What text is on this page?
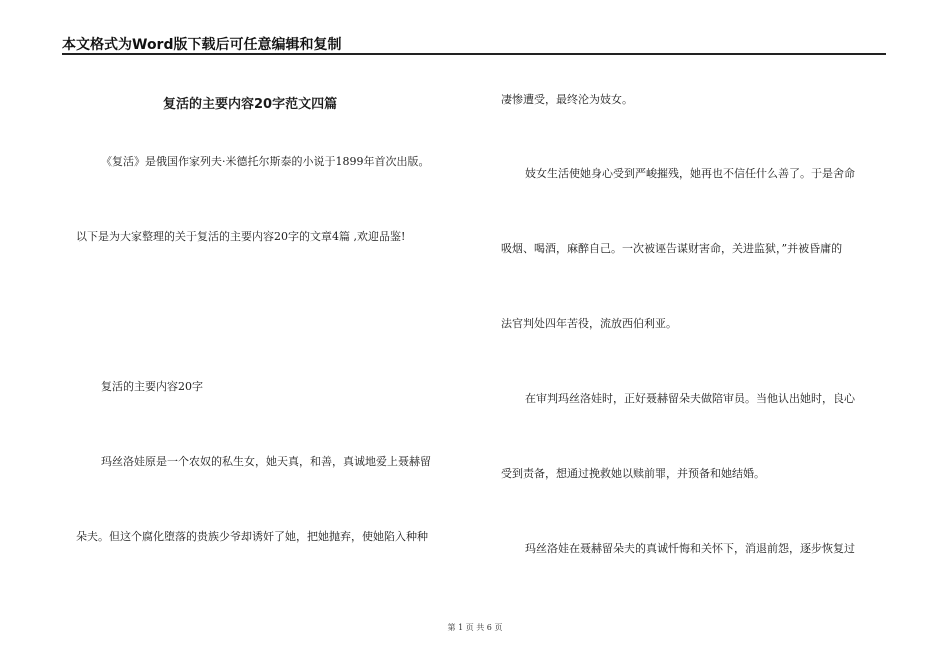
本文格式为Word版下载后可任意编辑和复制
复活的主要内容20字范文四篇
《复活》是俄国作家列夫·米德托尔斯泰的小说于1899年首次出版。
以下是为大家整理的关于复活的主要内容20字的文章4篇 ,欢迎品鉴!
复活的主要内容20字
玛丝洛娃原是一个农奴的私生女，她天真，和善，真诚地爱上聂赫留
朵夫。但这个腐化堕落的贵族少爷却诱奸了她，把她抛弃，使她陷入种种
凄惨遭受，最终沦为妓女。
妓女生活使她身心受到严峻摧残，她再也不信任什么善了。于是舍命
吸烟、喝酒，麻醉自己。一次被诬告谋财害命，关进监狱，”并被昏庸的
法官判处四年苦役，流放西伯利亚。
在审判玛丝洛娃时，正好聂赫留朵夫做陪审员。当他认出她时，良心
受到责备，想通过挽救她以赎前罪，并预备和她结婚。
玛丝洛娃在聂赫留朵夫的真诚忏悔和关怀下，消退前怨，逐步恢复过
第 1 页 共 6 页
